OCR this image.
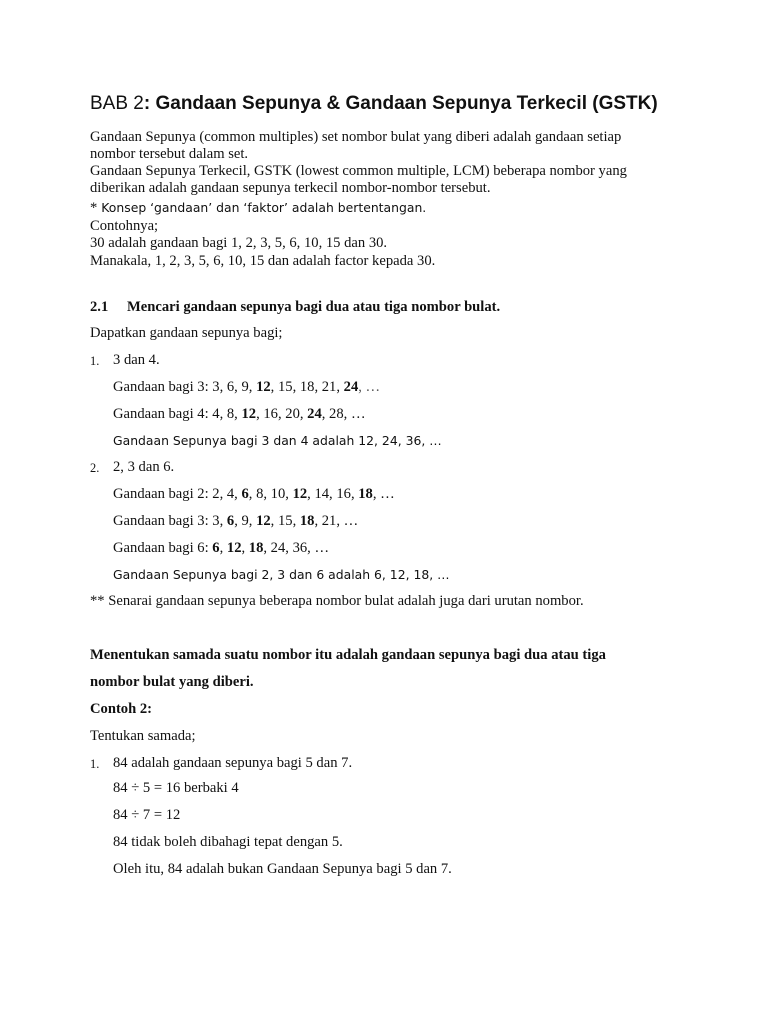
BAB 2: Gandaan Sepunya & Gandaan Sepunya Terkecil (GSTK)
Gandaan Sepunya (common multiples) set nombor bulat yang diberi adalah gandaan setiap
nombor tersebut dalam set.
Gandaan Sepunya Terkecil, GSTK (lowest common multiple, LCM) beberapa nombor yang
diberikan adalah gandaan sepunya terkecil nombor-nombor tersebut.
* Konsep ‘gandaan’ dan ‘faktor’ adalah bertentangan.
Contohnya;
30 adalah gandaan bagi 1, 2, 3, 5, 6, 10, 15 dan 30.
Manakala, 1, 2, 3, 5, 6, 10, 15 dan adalah factor kepada 30.
2.1 Mencari gandaan sepunya bagi dua atau tiga nombor bulat.
Dapatkan gandaan sepunya bagi;
1. 3 dan 4.
Gandaan bagi 3: 3, 6, 9, 12, 15, 18, 21, 24, …
Gandaan bagi 4: 4, 8, 12, 16, 20, 24, 28, …
Gandaan Sepunya bagi 3 dan 4 adalah 12, 24, 36, …
2. 2, 3 dan 6.
Gandaan bagi 2: 2, 4, 6, 8, 10, 12, 14, 16, 18, …
Gandaan bagi 3: 3, 6, 9, 12, 15, 18, 21, …
Gandaan bagi 6: 6, 12, 18, 24, 36, …
Gandaan Sepunya bagi 2, 3 dan 6 adalah 6, 12, 18, …
** Senarai gandaan sepunya beberapa nombor bulat adalah juga dari urutan nombor.
Menentukan samada suatu nombor itu adalah gandaan sepunya bagi dua atau tiga
nombor bulat yang diberi.
Contoh 2:
Tentukan samada;
1. 84 adalah gandaan sepunya bagi 5 dan 7.
84 ÷ 5 = 16 berbaki 4
84 ÷ 7 = 12
84 tidak boleh dibahagi tepat dengan 5.
Oleh itu, 84 adalah bukan Gandaan Sepunya bagi 5 dan 7.
